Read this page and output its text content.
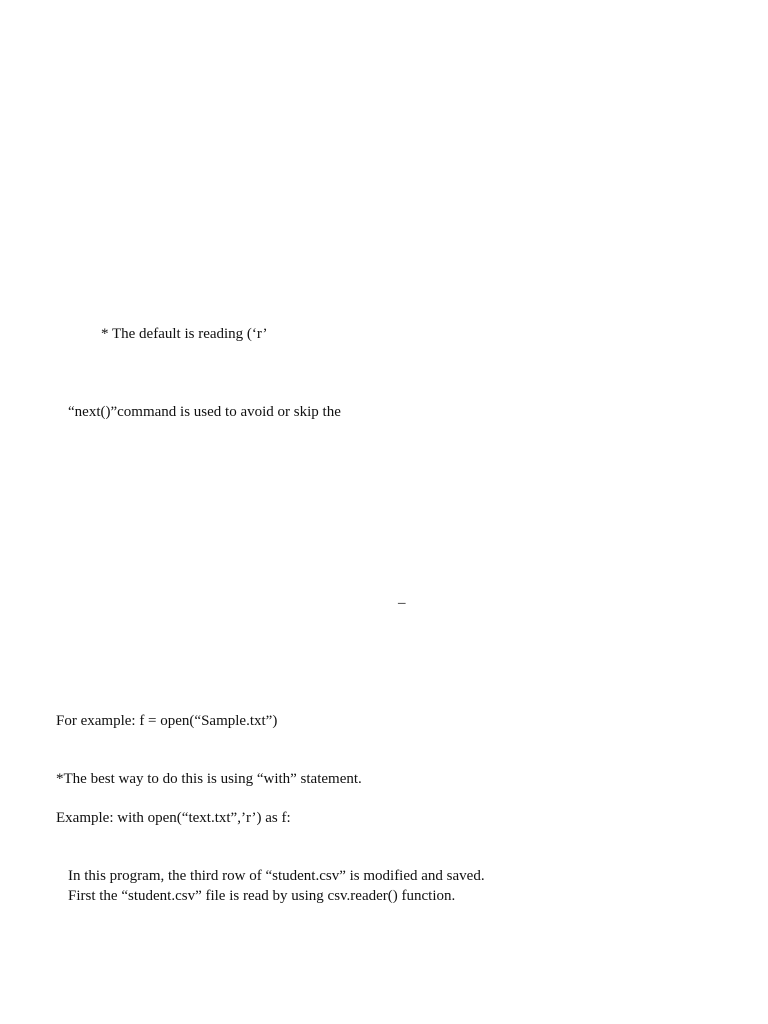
* The default is reading (‘r’
“next()”command is used to avoid or skip the
–
For example: f = open(“Sample.txt”)
*The best way to do this is using “with” statement.
Example: with open(“text.txt”,’r’) as f:
In this program, the third row of “student.csv” is modified and saved.
First the “student.csv” file is read by using csv.reader() function.
